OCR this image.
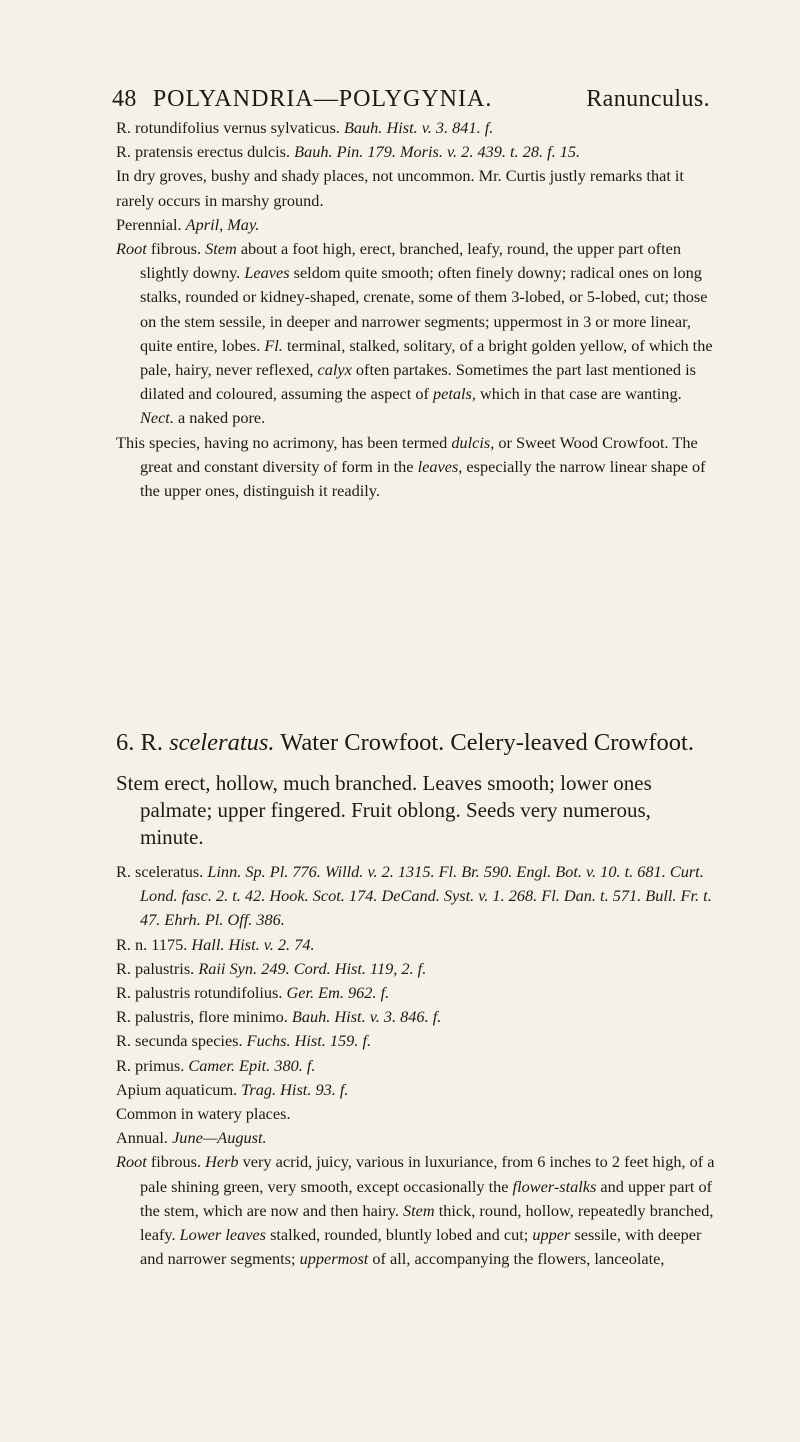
48 POLYANDRIA—POLYGYNIA.	Ranunculus.

R. rotundifolius vernus sylvaticus. Bauh. Hist. v. 3. 841. f.

R. pratensis erectus dulcis. Bauh. Pin. 179. Moris. v. 2. 439. t. 28. f. 15.

In dry groves, bushy and shady places, not uncommon. Mr. Curtis justly remarks that it rarely occurs in marshy ground.

Perennial. April, May.

Root fibrous. Stem about a foot high, erect, branched, leafy, round, the upper part often slightly downy. Leaves seldom quite smooth; often finely downy; radical ones on long stalks, rounded or kidney-shaped, crenate, some of them 3-lobed, or 5-lobed, cut; those on the stem sessile, in deeper and narrower segments; uppermost in 3 or more linear, quite entire, lobes. Fl. terminal, stalked, solitary, of a bright golden yellow, of which the pale, hairy, never reflexed, calyx often partakes. Sometimes the part last mentioned is dilated and coloured, assuming the aspect of petals, which in that case are wanting. Nect. a naked pore.

This species, having no acrimony, has been termed dulcis, or Sweet Wood Crowfoot. The great and constant diversity of form in the leaves, especially the narrow linear shape of the upper ones, distinguish it readily.

6. R. sceleratus. Water Crowfoot. Celery-leaved Crowfoot.

Stem erect, hollow, much branched. Leaves smooth; lower ones palmate; upper fingered. Fruit oblong. Seeds very numerous, minute.

R. sceleratus. Linn. Sp. Pl. 776. Willd. v. 2. 1315. Fl. Br. 590. Engl. Bot. v. 10. t. 681. Curt. Lond. fasc. 2. t. 42. Hook. Scot. 174. DeCand. Syst. v. 1. 268. Fl. Dan. t. 571. Bull. Fr. t. 47. Ehrh. Pl. Off. 386.

R. n. 1175. Hall. Hist. v. 2. 74.

R. palustris. Raii Syn. 249. Cord. Hist. 119, 2. f.

R. palustris rotundifolius. Ger. Em. 962. f.

R. palustris, flore minimo. Bauh. Hist. v. 3. 846. f.

R. secunda species. Fuchs. Hist. 159. f.

R. primus. Camer. Epit. 380. f.

Apium aquaticum. Trag. Hist. 93. f.

Common in watery places.

Annual. June—August.

Root fibrous. Herb very acrid, juicy, various in luxuriance, from 6 inches to 2 feet high, of a pale shining green, very smooth, except occasionally the flower-stalks and upper part of the stem, which are now and then hairy. Stem thick, round, hollow, repeatedly branched, leafy. Lower leaves stalked, rounded, bluntly lobed and cut; upper sessile, with deeper and narrower segments; uppermost of all, accompanying the flowers, lanceolate,
